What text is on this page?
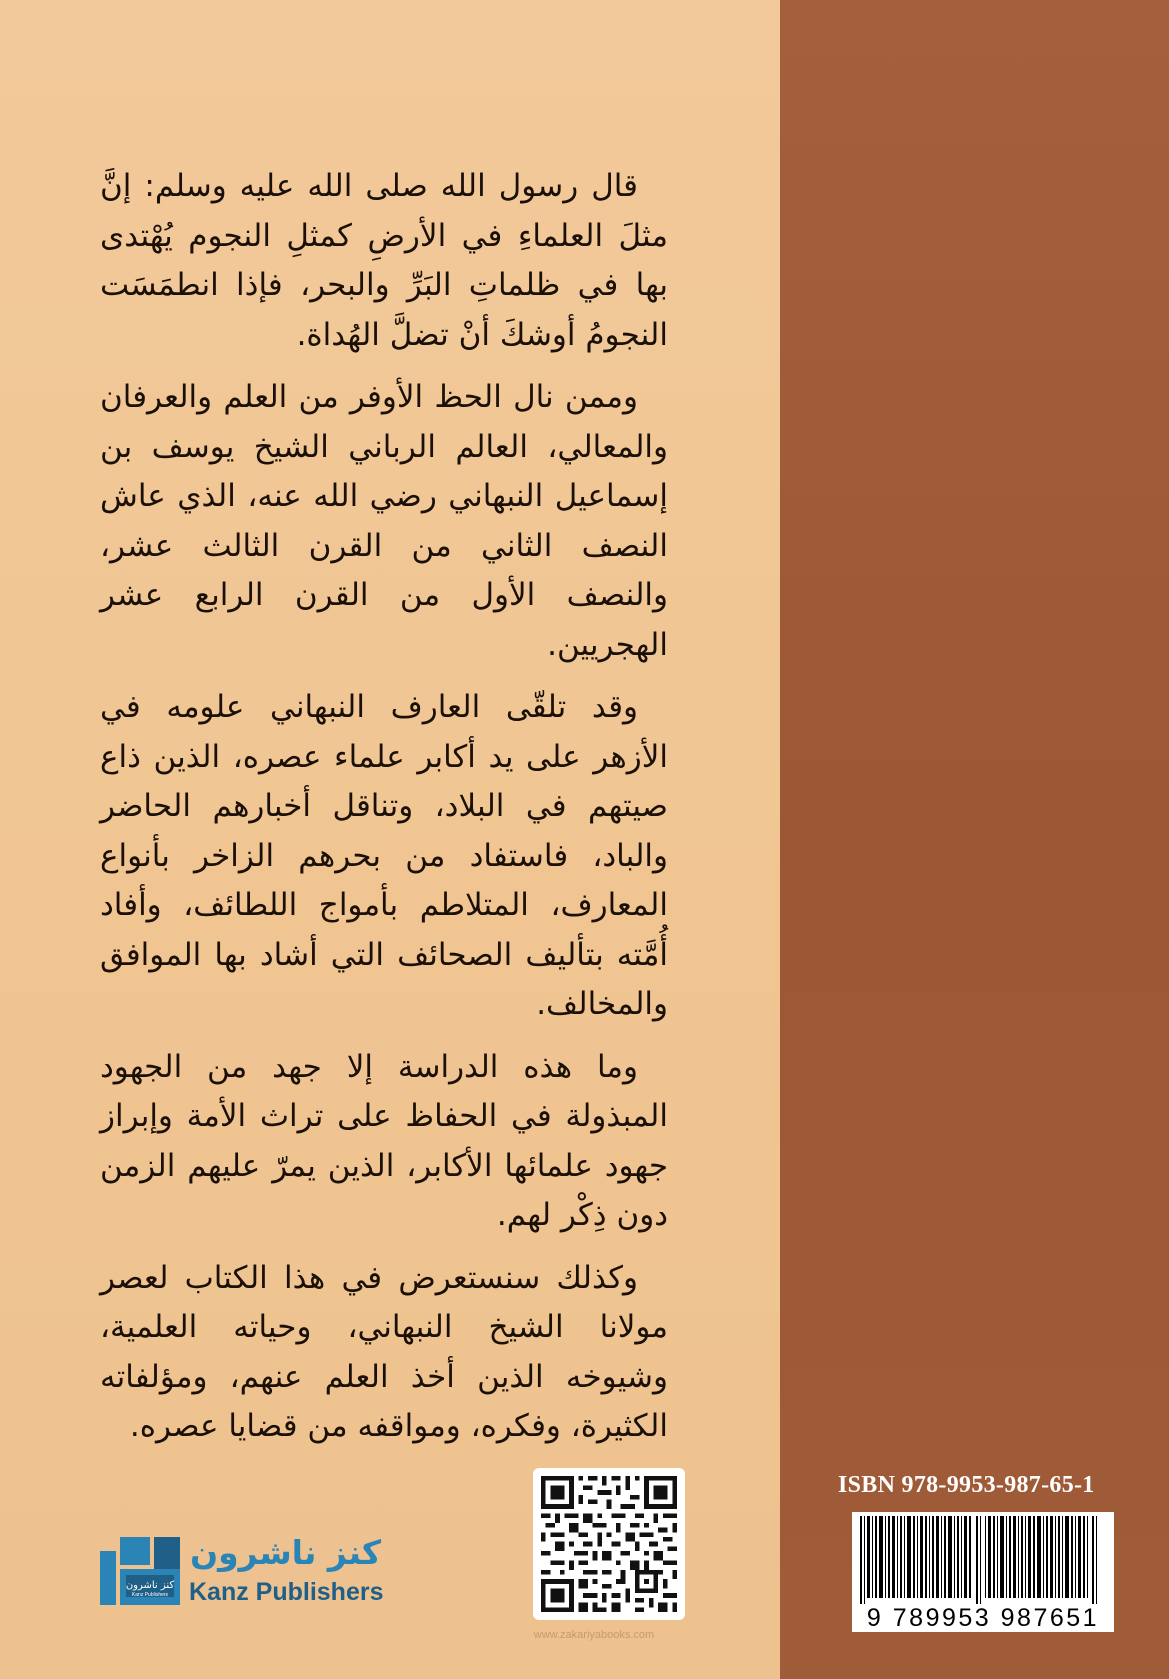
قال رسول الله صلى الله عليه وسلم: إنَّ مثلَ العلماءِ في الأرضِ كمثلِ النجوم يُهْتدى بها في ظلماتِ البَرِّ والبحر، فإذا انطمَسَت النجومُ أوشكَ أنْ تضلَّ الهُداة.

وممن نال الحظ الأوفر من العلم والعرفان والمعالي، العالم الرباني الشيخ يوسف بن إسماعيل النبهاني رضي الله عنه، الذي عاش النصف الثاني من القرن الثالث عشر، والنصف الأول من القرن الرابع عشر الهجريين.

وقد تلقّى العارف النبهاني علومه في الأزهر على يد أكابر علماء عصره، الذين ذاع صيتهم في البلاد، وتناقل أخبارهم الحاضر والباد، فاستفاد من بحرهم الزاخر بأنواع المعارف، المتلاطم بأمواج اللطائف، وأفاد أُمَّته بتأليف الصحائف التي أشاد بها الموافق والمخالف.

وما هذه الدراسة إلا جهد من الجهود المبذولة في الحفاظ على تراث الأمة وإبراز جهود علمائها الأكابر، الذين يمرّ عليهم الزمن دون ذِكْر لهم.

وكذلك سنستعرض في هذا الكتاب لعصر مولانا الشيخ النبهاني، وحياته العلمية، وشيوخه الذين أخذ العلم عنهم، ومؤلفاته الكثيرة، وفكره، ومواقفه من قضايا عصره.

ISBN 978-9953-987-65-1
9 789953 987651
كنز ناشرون
Kanz Publishers
كنز ناشرون
Kanz Publishers
www.zakariyabooks.com
